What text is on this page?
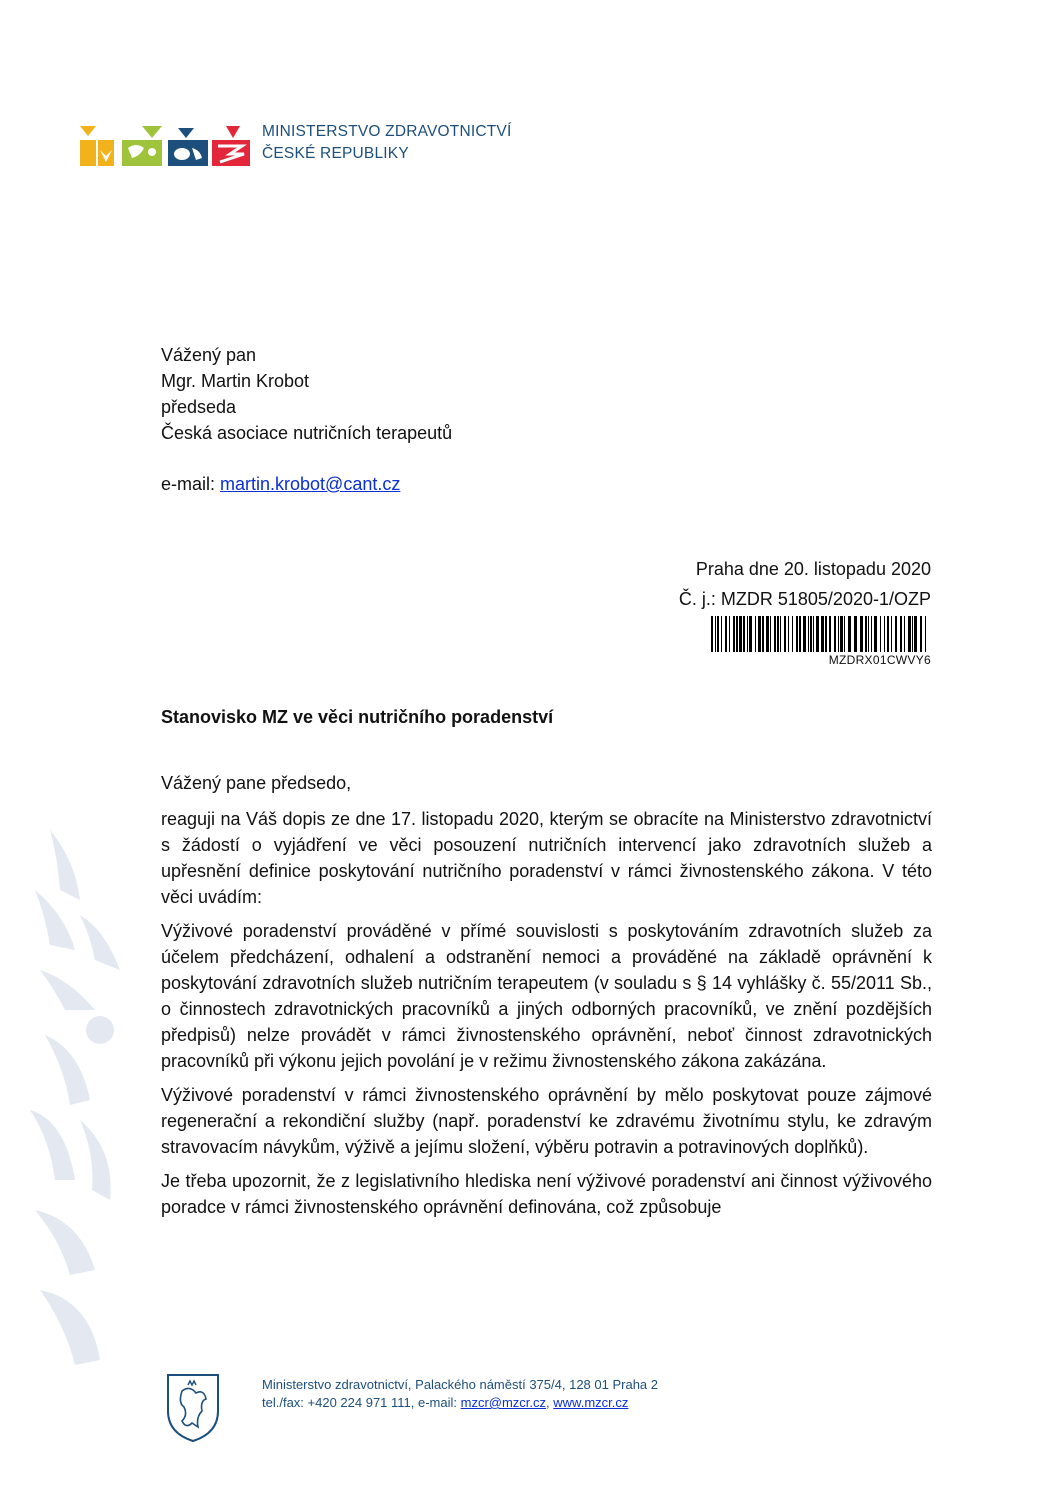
MINISTERSTVO ZDRAVOTNICTVÍ
ČESKÉ REPUBLIKY
Vážený pan
Mgr. Martin Krobot
předseda
Česká asociace nutričních terapeutů
e-mail: martin.krobot@cant.cz
Praha dne 20. listopadu 2020
Č. j.: MZDR 51805/2020-1/OZP
MZDRX01CWVY6
Stanovisko MZ ve věci nutričního poradenství
Vážený pane předsedo,

reaguji na Váš dopis ze dne 17. listopadu 2020, kterým se obracíte na Ministerstvo zdravotnictví s žádostí o vyjádření ve věci posouzení nutričních intervencí jako zdravotních služeb a upřesnění definice poskytování nutričního poradenství v rámci živnostenského zákona. V této věci uvádím:

Výživové poradenství prováděné v přímé souvislosti s poskytováním zdravotních služeb za účelem předcházení, odhalení a odstranění nemoci a prováděné na základě oprávnění k poskytování zdravotních služeb nutričním terapeutem (v souladu s § 14 vyhlášky č. 55/2011 Sb., o činnostech zdravotnických pracovníků a jiných odborných pracovníků, ve znění pozdějších předpisů) nelze provádět v rámci živnostenského oprávnění, neboť činnost zdravotnických pracovníků při výkonu jejich povolání je v režimu živnostenského zákona zakázána.

Výživové poradenství v rámci živnostenského oprávnění by mělo poskytovat pouze zájmové regenerační a rekondiční služby (např. poradenství ke zdravému životnímu stylu, ke zdravým stravovacím návykům, výživě a jejímu složení, výběru potravin a potravinových doplňků).

Je třeba upozornit, že z legislativního hlediska není výživové poradenství ani činnost výživového poradce v rámci živnostenského oprávnění definována, což způsobuje

Ministerstvo zdravotnictví, Palackého náměstí 375/4, 128 01 Praha 2
tel./fax: +420 224 971 111, e-mail: mzcr@mzcr.cz, www.mzcr.cz
